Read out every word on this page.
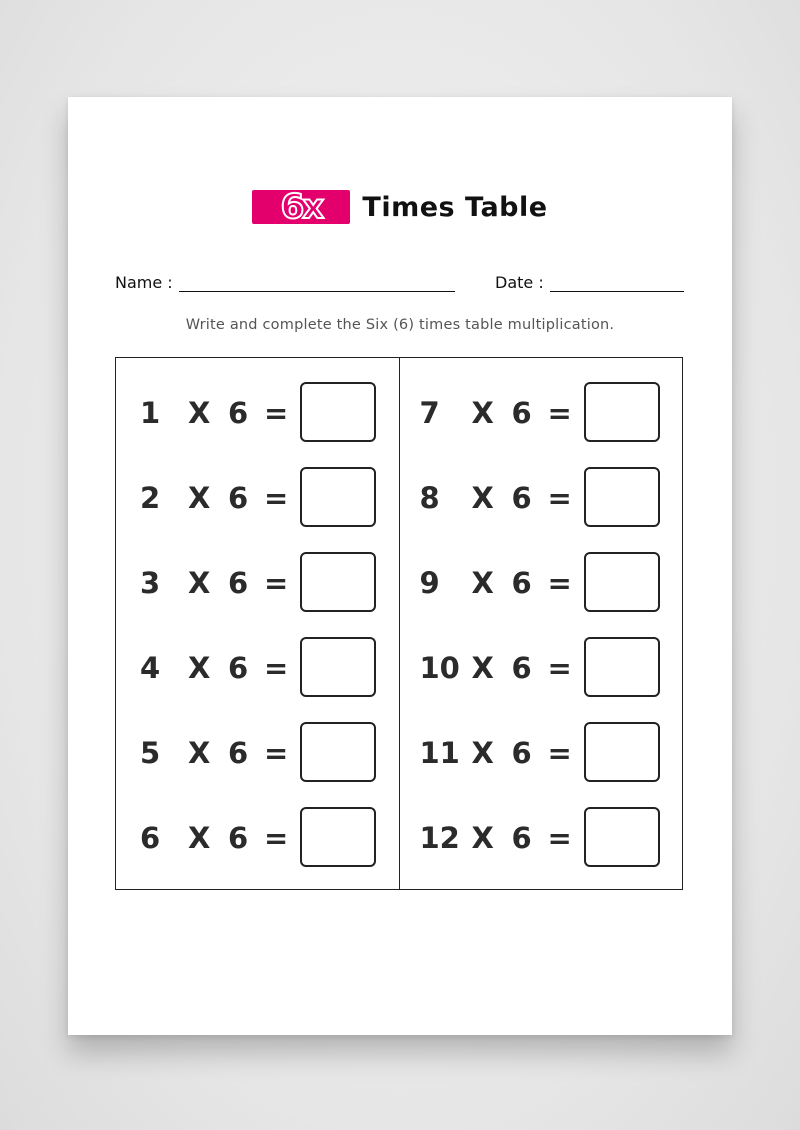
6x Times Table
Name :	Date :
Write and complete the Six (6) times table multiplication.
1 X 6 =
2 X 6 =
3 X 6 =
4 X 6 =
5 X 6 =
6 X 6 =
7	X 6 =
8	X 6 =
9	X 6 =
10 X 6 =
11 X 6 =
12 X 6 =
